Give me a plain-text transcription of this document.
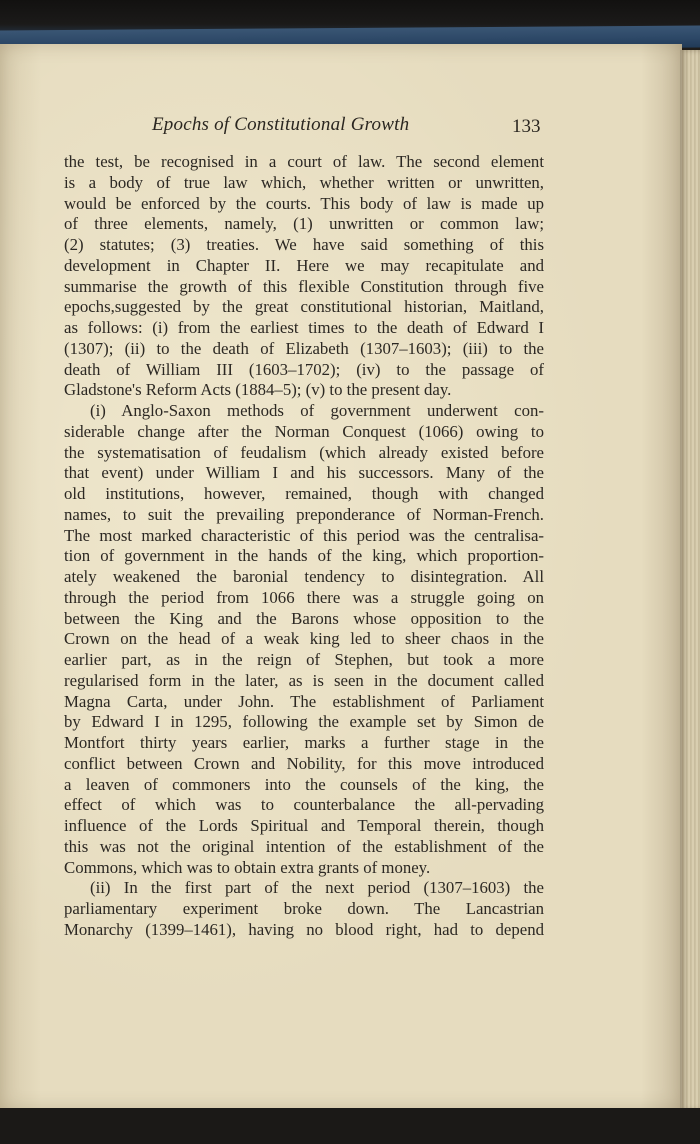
Epochs of Constitutional Growth	133
the test, be recognised in a court of law. The second element
is a body of true law which, whether written or unwritten,
would be enforced by the courts. This body of law is made up
of three elements, namely, (1) unwritten or common law;
(2) statutes; (3) treaties. We have said something of this
development in Chapter II. Here we may recapitulate and
summarise the growth of this flexible Constitution through five
epochs,suggested by the great constitutional historian, Maitland,
as follows: (i) from the earliest times to the death of Edward I
(1307); (ii) to the death of Elizabeth (1307–1603); (iii) to the
death of William III (1603–1702); (iv) to the passage of
Gladstone's Reform Acts (1884–5); (v) to the present day.
(i) Anglo-Saxon methods of government underwent con-
siderable change after the Norman Conquest (1066) owing to
the systematisation of feudalism (which already existed before
that event) under William I and his successors. Many of the
old institutions, however, remained, though with changed
names, to suit the prevailing preponderance of Norman-French.
The most marked characteristic of this period was the centralisa-
tion of government in the hands of the king, which proportion-
ately weakened the baronial tendency to disintegration. All
through the period from 1066 there was a struggle going on
between the King and the Barons whose opposition to the
Crown on the head of a weak king led to sheer chaos in the
earlier part, as in the reign of Stephen, but took a more
regularised form in the later, as is seen in the document called
Magna Carta, under John. The establishment of Parliament
by Edward I in 1295, following the example set by Simon de
Montfort thirty years earlier, marks a further stage in the
conflict between Crown and Nobility, for this move introduced
a leaven of commoners into the counsels of the king, the
effect of which was to counterbalance the all-pervading
influence of the Lords Spiritual and Temporal therein, though
this was not the original intention of the establishment of the
Commons, which was to obtain extra grants of money.
(ii) In the first part of the next period (1307–1603) the
parliamentary experiment broke down. The Lancastrian
Monarchy (1399–1461), having no blood right, had to depend
